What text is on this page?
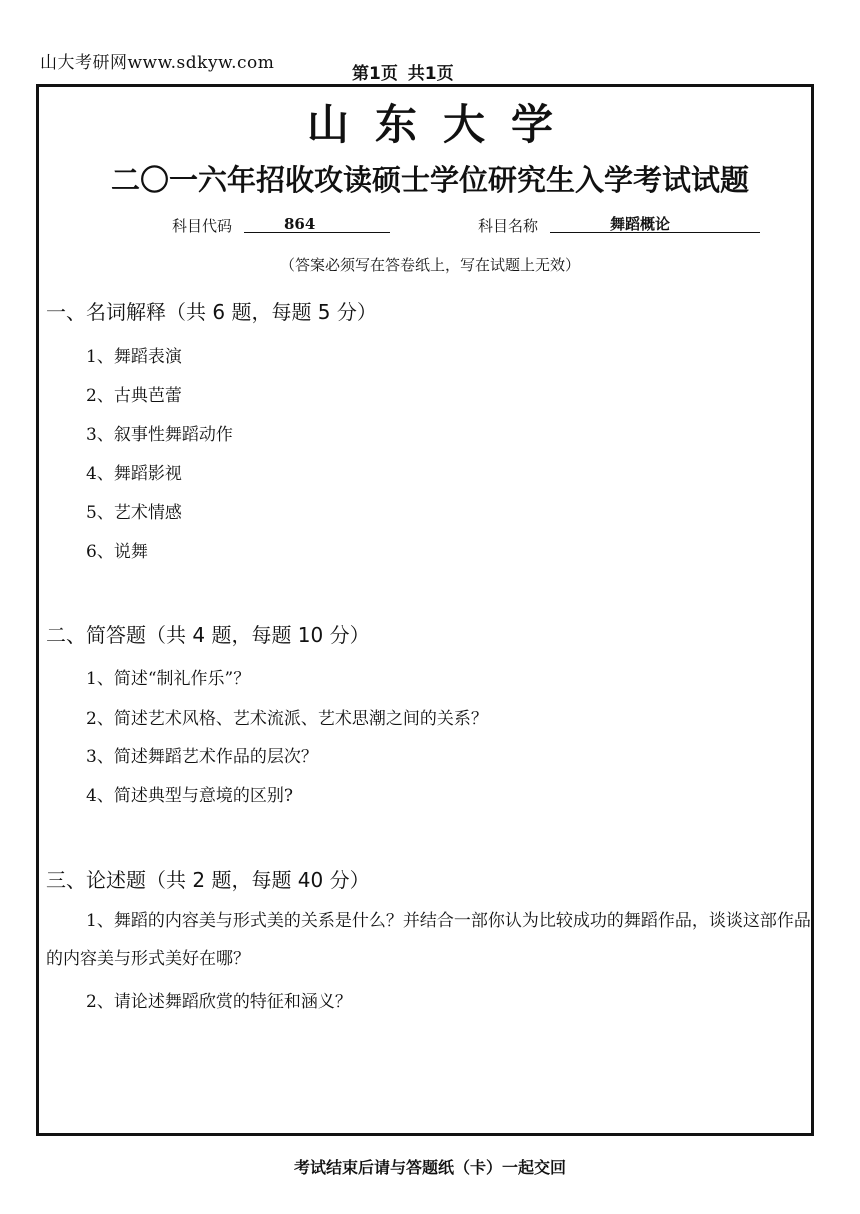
山大考研网www.sdkyw.com
第1页 共1页
山东大学
二〇一六年招收攻读硕士学位研究生入学考试试题
科目代码	864	科目名称	舞蹈概论
（答案必须写在答卷纸上，写在试题上无效）
一、名词解释（共 6 题，每题 5 分）
1、舞蹈表演
2、古典芭蕾
3、叙事性舞蹈动作
4、舞蹈影视
5、艺术情感
6、说舞
二、简答题（共 4 题，每题 10 分）
1、简述“制礼作乐”？
2、简述艺术风格、艺术流派、艺术思潮之间的关系？
3、简述舞蹈艺术作品的层次？
4、简述典型与意境的区别?
三、论述题（共 2 题，每题 40 分）
1、舞蹈的内容美与形式美的关系是什么？并结合一部你认为比较成功的舞蹈作品，谈谈这部作品的内容美与形式美好在哪？
2、请论述舞蹈欣赏的特征和涵义？
考试结束后请与答题纸（卡）一起交回
